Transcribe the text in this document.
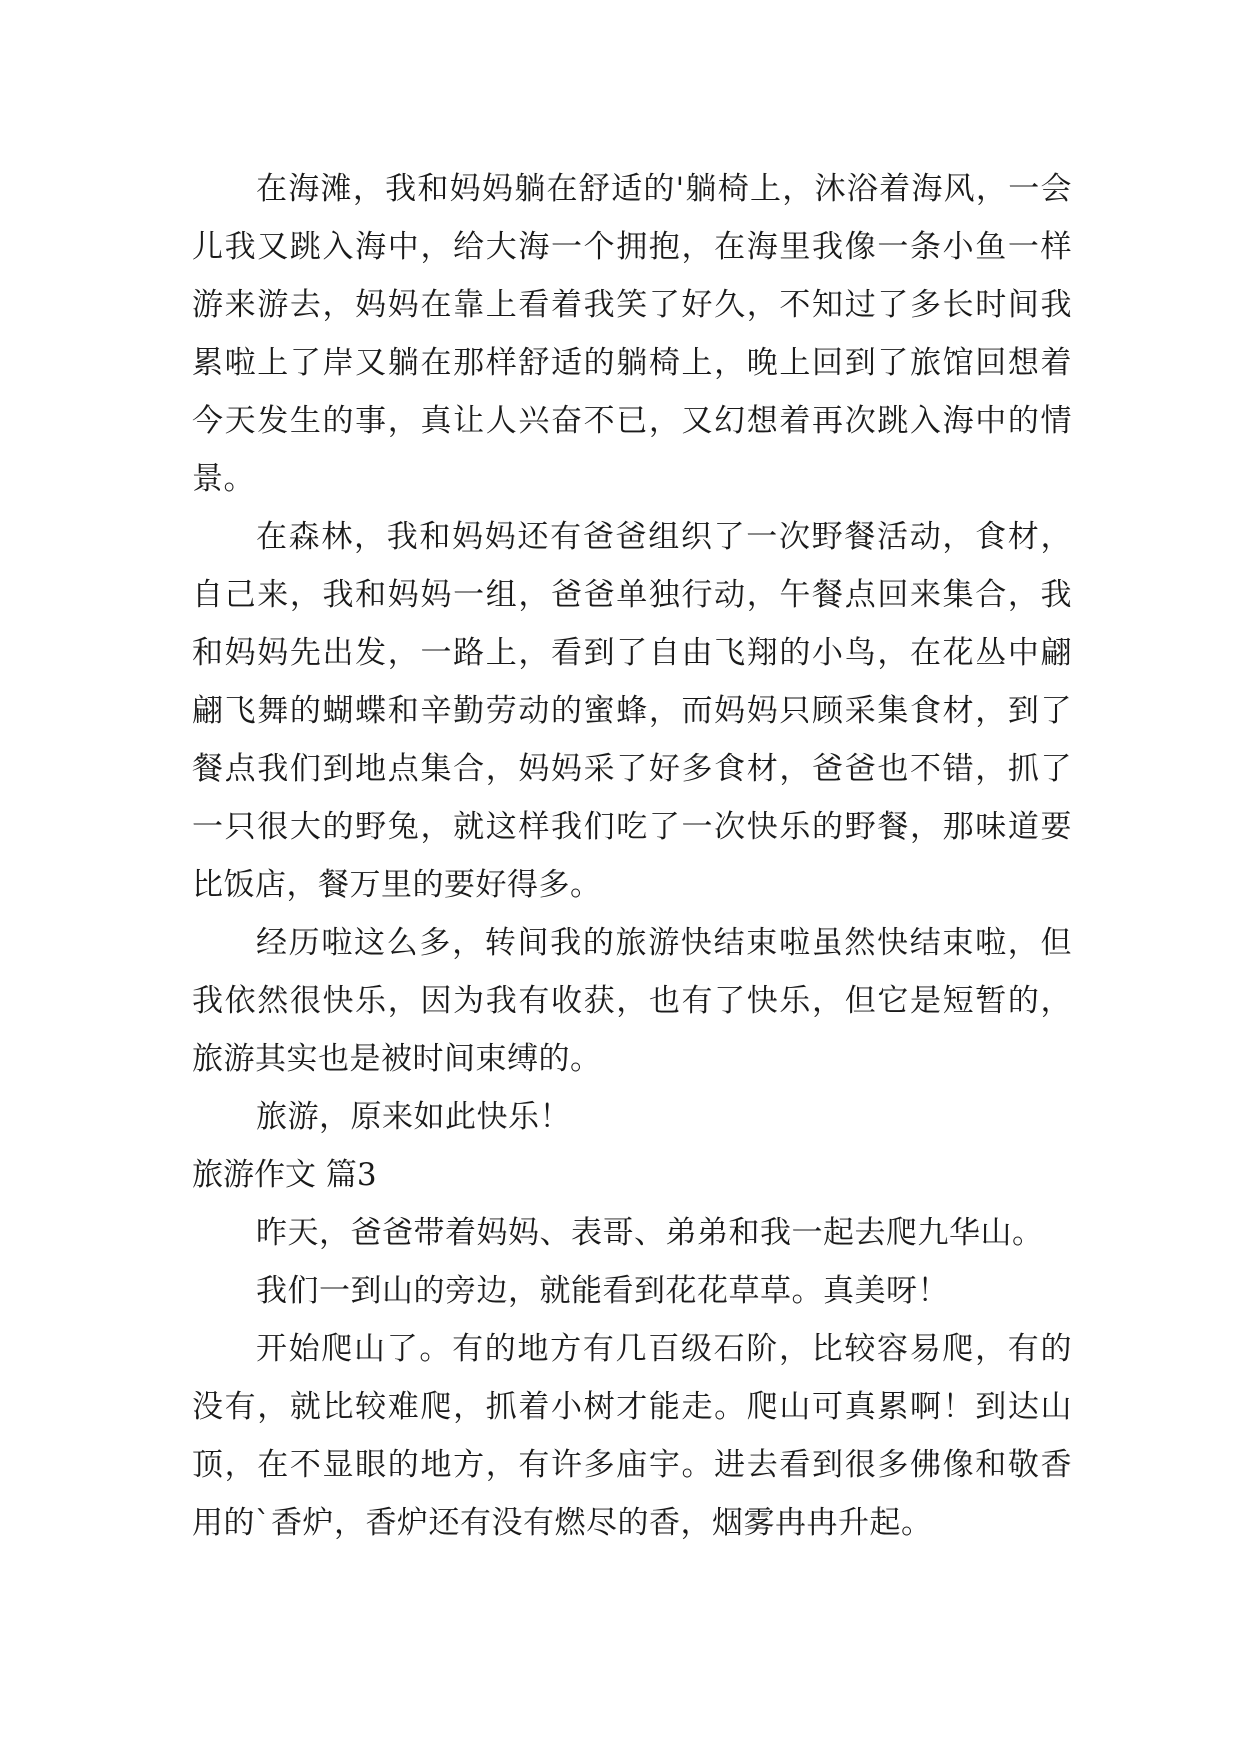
在海滩，我和妈妈躺在舒适的'躺椅上，沐浴着海风，一会儿我又跳入海中，给大海一个拥抱，在海里我像一条小鱼一样游来游去，妈妈在靠上看着我笑了好久，不知过了多长时间我累啦上了岸又躺在那样舒适的躺椅上，晚上回到了旅馆回想着今天发生的事，真让人兴奋不已，又幻想着再次跳入海中的情景。

在森林，我和妈妈还有爸爸组织了一次野餐活动，食材，自己来，我和妈妈一组，爸爸单独行动，午餐点回来集合，我和妈妈先出发，一路上，看到了自由飞翔的小鸟，在花丛中翩翩飞舞的蝴蝶和辛勤劳动的蜜蜂，而妈妈只顾采集食材，到了餐点我们到地点集合，妈妈采了好多食材，爸爸也不错，抓了一只很大的野兔，就这样我们吃了一次快乐的野餐，那味道要比饭店，餐万里的要好得多。

经历啦这么多，转间我的旅游快结束啦虽然快结束啦，但我依然很快乐，因为我有收获，也有了快乐，但它是短暂的，旅游其实也是被时间束缚的。

旅游，原来如此快乐！

旅游作文 篇3

昨天，爸爸带着妈妈、表哥、弟弟和我一起去爬九华山。

我们一到山的旁边，就能看到花花草草。真美呀！

开始爬山了。有的地方有几百级石阶，比较容易爬，有的没有，就比较难爬，抓着小树才能走。爬山可真累啊！到达山顶，在不显眼的地方，有许多庙宇。进去看到很多佛像和敬香用的`香炉，香炉还有没有燃尽的香，烟雾冉冉升起。
